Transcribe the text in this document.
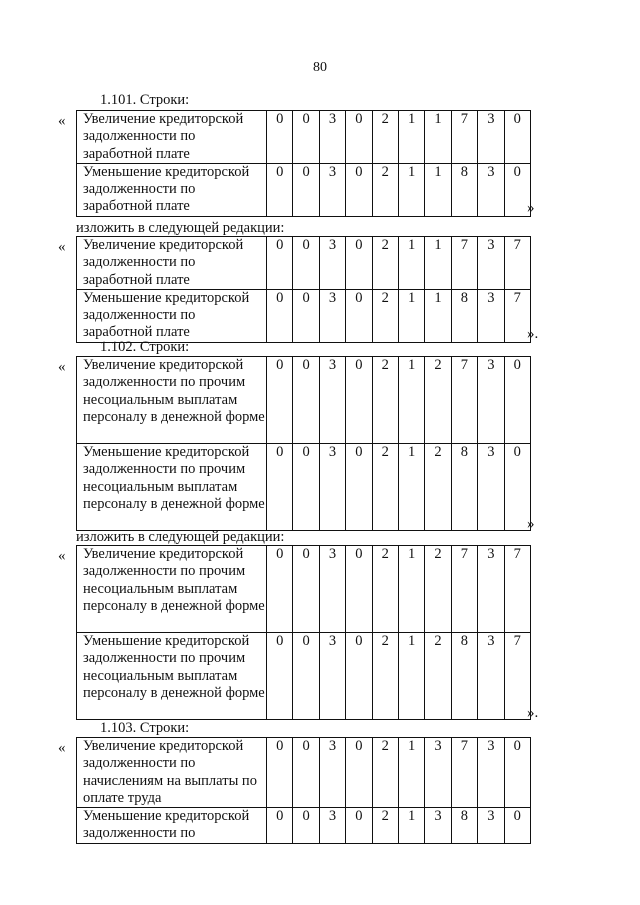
80
1.101. Строки:
« Увеличение кредиторской задолженности по заработной плате	0	0	3	0	2	1	1	7	3	0
Уменьшение кредиторской задолженности по заработной плате	0	0	3	0	2	1	1	8	3	0
»
изложить в следующей редакции:
« Увеличение кредиторской задолженности по заработной плате	0	0	3	0	2	1	1	7	3	7
Уменьшение кредиторской задолженности по заработной плате	0	0	3	0	2	1	1	8	3	7
».
1.102. Строки:
« Увеличение кредиторской задолженности по прочим несоциальным выплатам персоналу в денежной форме	0	0	3	0	2	1	2	7	3	0
Уменьшение кредиторской задолженности по прочим несоциальным выплатам персоналу в денежной форме	0	0	3	0	2	1	2	8	3	0
»
изложить в следующей редакции:
« Увеличение кредиторской задолженности по прочим несоциальным выплатам персоналу в денежной форме	0	0	3	0	2	1	2	7	3	7
Уменьшение кредиторской задолженности по прочим несоциальным выплатам персоналу в денежной форме	0	0	3	0	2	1	2	8	3	7
».
1.103. Строки:
« Увеличение кредиторской задолженности по начислениям на выплаты по оплате труда	0	0	3	0	2	1	3	7	3	0
Уменьшение кредиторской задолженности по	0	0	3	0	2	1	3	8	3	0
